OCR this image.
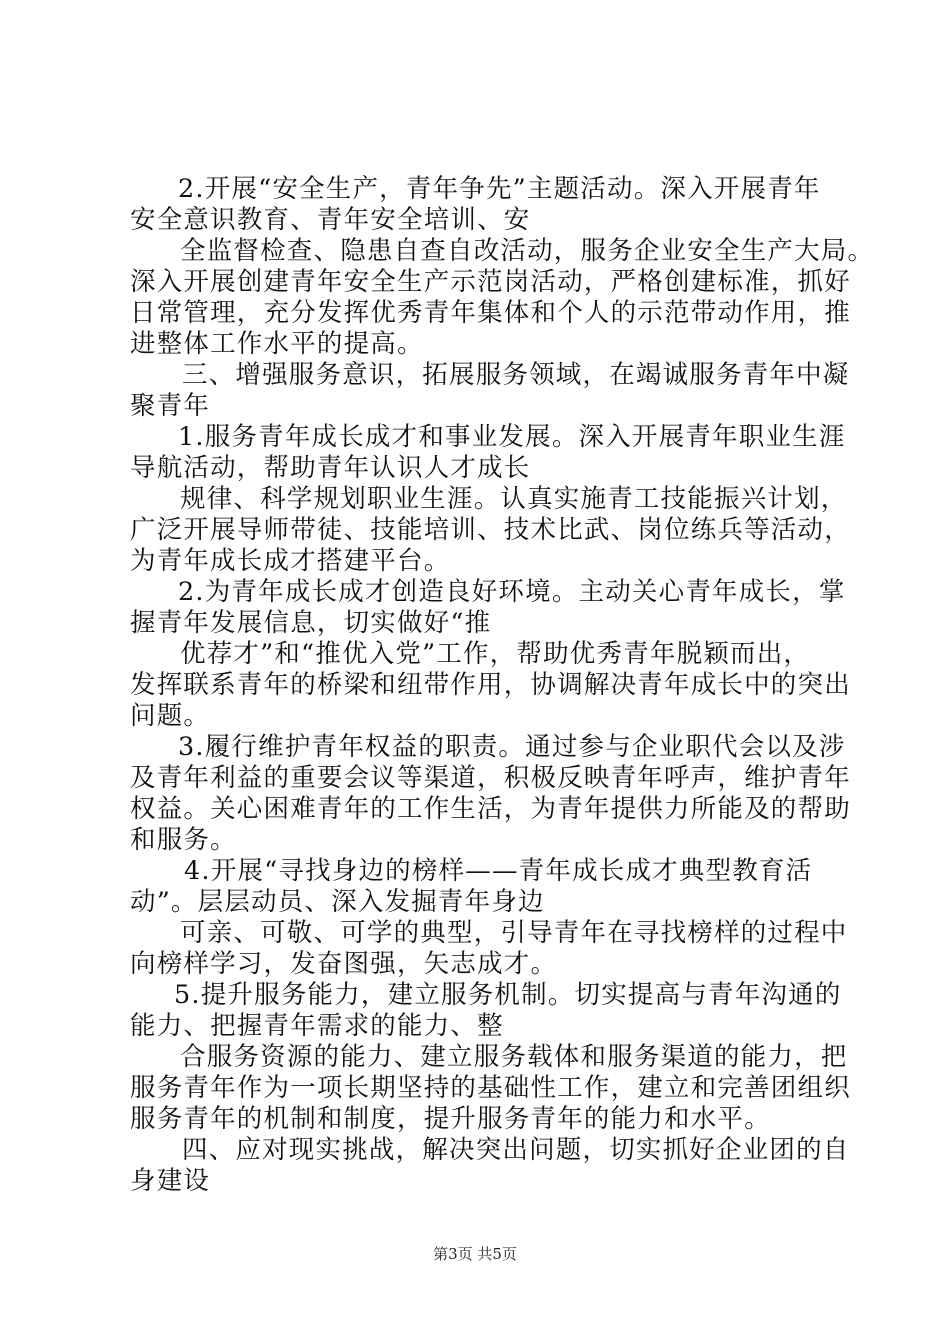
2.开展“安全生产，青年争先”主题活动。深入开展青年
安全意识教育、青年安全培训、安
全监督检查、隐患自查自改活动，服务企业安全生产大局。
深入开展创建青年安全生产示范岗活动，严格创建标准，抓好
日常管理，充分发挥优秀青年集体和个人的示范带动作用，推
进整体工作水平的提高。
三、增强服务意识，拓展服务领域，在竭诚服务青年中凝
聚青年
1.服务青年成长成才和事业发展。深入开展青年职业生涯
导航活动，帮助青年认识人才成长
规律、科学规划职业生涯。认真实施青工技能振兴计划，
广泛开展导师带徒、技能培训、技术比武、岗位练兵等活动，
为青年成长成才搭建平台。
2.为青年成长成才创造良好环境。主动关心青年成长，掌
握青年发展信息，切实做好“推
优荐才”和“推优入党”工作，帮助优秀青年脱颖而出，
发挥联系青年的桥梁和纽带作用，协调解决青年成长中的突出
问题。
3.履行维护青年权益的职责。通过参与企业职代会以及涉
及青年利益的重要会议等渠道，积极反映青年呼声，维护青年
权益。关心困难青年的工作生活，为青年提供力所能及的帮助
和服务。
4.开展“寻找身边的榜样——青年成长成才典型教育活
动”。层层动员、深入发掘青年身边
可亲、可敬、可学的典型，引导青年在寻找榜样的过程中
向榜样学习，发奋图强，矢志成才。
5.提升服务能力，建立服务机制。切实提高与青年沟通的
能力、把握青年需求的能力、整
合服务资源的能力、建立服务载体和服务渠道的能力，把
服务青年作为一项长期坚持的基础性工作，建立和完善团组织
服务青年的机制和制度，提升服务青年的能力和水平。
四、应对现实挑战，解决突出问题，切实抓好企业团的自
身建设
第3页 共5页
